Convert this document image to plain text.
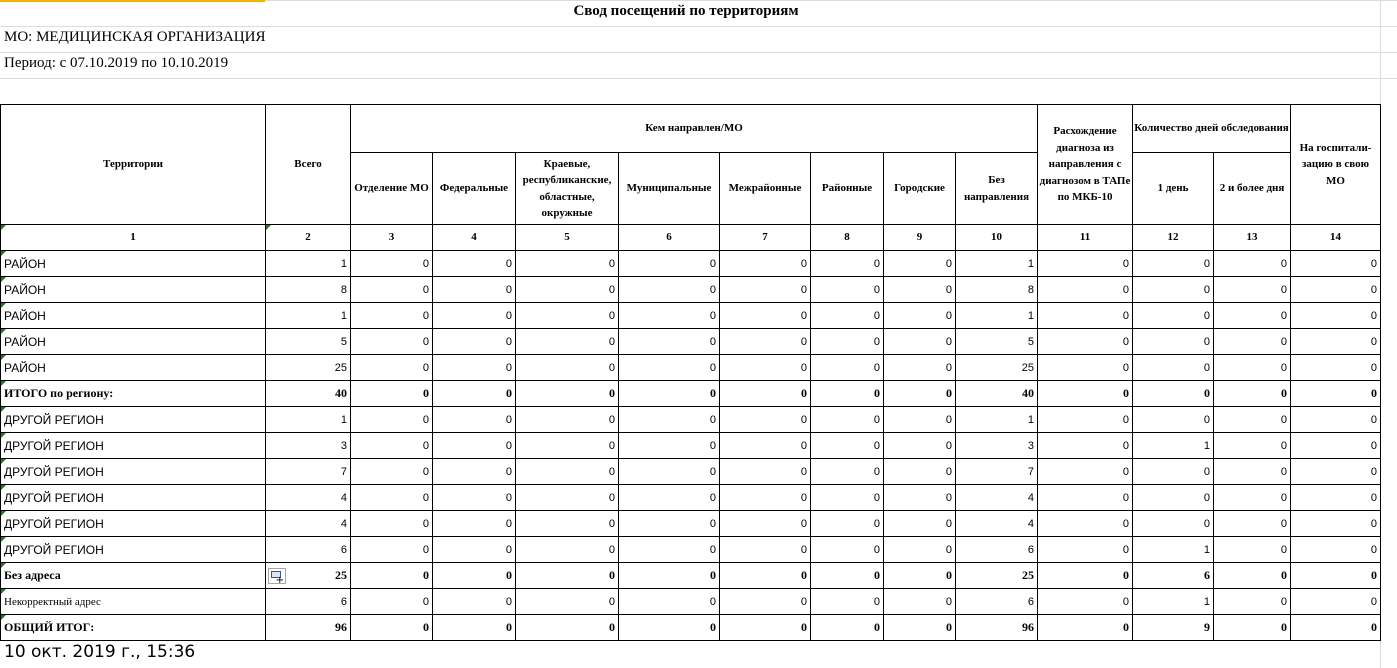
Свод посещений по территориям
МО: МЕДИЦИНСКАЯ ОРГАНИЗАЦИЯ
Период: с 07.10.2019 по 10.10.2019
Территории	Всего	Кем направлен/МО								Расхождение диагноза из направления с диагнозом в ТАПе по МКБ-10	Количество дней обследования		На госпитали- зацию в свою МО
		Отделение МО	Федеральные	Краевые, республиканские, областные, окружные	Муниципальные	Межрайонные	Районные	Городские	Без направления		1 день	2 и более дня	
1	2	3	4	5	6	7	8	9	10	11	12	13	14
РАЙОН	1	0	0	0	0	0	0	0	1	0	0	0	0
РАЙОН	8	0	0	0	0	0	0	0	8	0	0	0	0
РАЙОН	1	0	0	0	0	0	0	0	1	0	0	0	0
РАЙОН	5	0	0	0	0	0	0	0	5	0	0	0	0
РАЙОН	25	0	0	0	0	0	0	0	25	0	0	0	0
ИТОГО по региону:	40	0	0	0	0	0	0	0	40	0	0	0	0
ДРУГОЙ РЕГИОН	1	0	0	0	0	0	0	0	1	0	0	0	0
ДРУГОЙ РЕГИОН	3	0	0	0	0	0	0	0	3	0	1	0	0
ДРУГОЙ РЕГИОН	7	0	0	0	0	0	0	0	7	0	0	0	0
ДРУГОЙ РЕГИОН	4	0	0	0	0	0	0	0	4	0	0	0	0
ДРУГОЙ РЕГИОН	4	0	0	0	0	0	0	0	4	0	0	0	0
ДРУГОЙ РЕГИОН	6	0	0	0	0	0	0	0	6	0	1	0	0
Без адреса	25	0	0	0	0	0	0	0	25	0	6	0	0
Некорректный адрес	6	0	0	0	0	0	0	0	6	0	1	0	0
ОБЩИЙ ИТОГ:	96	0	0	0	0	0	0	0	96	0	9	0	0
+
10 окт. 2019 г., 15:36
